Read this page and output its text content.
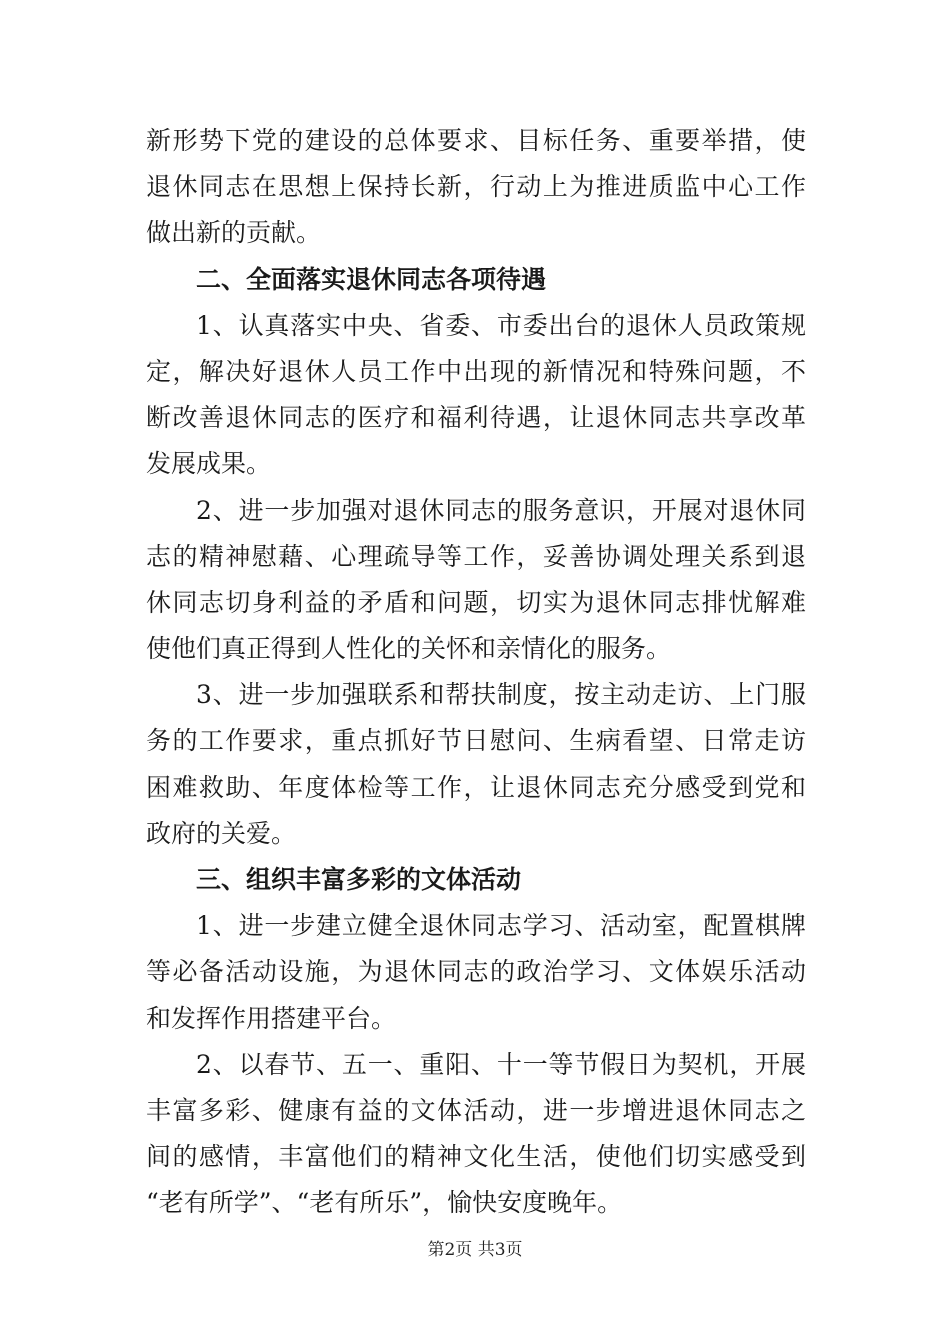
新形势下党的建设的总体要求、目标任务、重要举措，使
退休同志在思想上保持长新，行动上为推进质监中心工作
做出新的贡献。
二、全面落实退休同志各项待遇
1、认真落实中央、省委、市委出台的退休人员政策规
定，解决好退休人员工作中出现的新情况和特殊问题，不
断改善退休同志的医疗和福利待遇，让退休同志共享改革
发展成果。
2、进一步加强对退休同志的服务意识，开展对退休同
志的精神慰藉、心理疏导等工作，妥善协调处理关系到退
休同志切身利益的矛盾和问题，切实为退休同志排忧解难
使他们真正得到人性化的关怀和亲情化的服务。
3、进一步加强联系和帮扶制度，按主动走访、上门服
务的工作要求，重点抓好节日慰问、生病看望、日常走访
困难救助、年度体检等工作，让退休同志充分感受到党和
政府的关爱。
三、组织丰富多彩的文体活动
1、进一步建立健全退休同志学习、活动室，配置棋牌
等必备活动设施，为退休同志的政治学习、文体娱乐活动
和发挥作用搭建平台。
2、以春节、五一、重阳、十一等节假日为契机，开展
丰富多彩、健康有益的文体活动，进一步增进退休同志之
间的感情，丰富他们的精神文化生活，使他们切实感受到
“老有所学”、“老有所乐”，愉快安度晚年。
第2页 共3页
